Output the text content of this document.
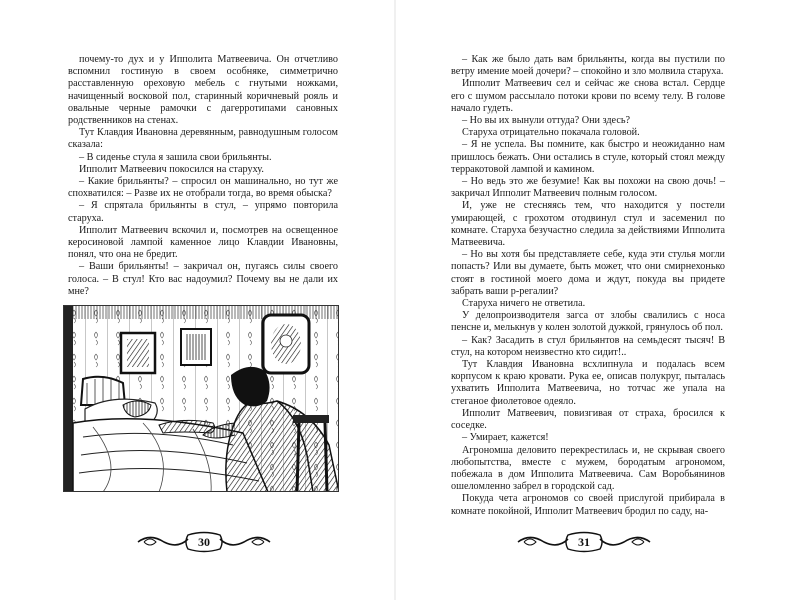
почему-то дух и у Ипполита Матвеевича. Он отчетливо вспомнил гостиную в своем особняке, симметрично расставленную ореховую мебель с гнутыми ножками, начищенный восковой пол, старинный коричневый рояль и овальные черные рамочки с дагерротипами сановных родственников на стенах.

Тут Клавдия Ивановна деревянным, равнодушным голосом сказала:

– В сиденье стула я зашила свои брильянты.

Ипполит Матвеевич покосился на старуху.

– Какие брильянты? – спросил он машинально, но тут же спохватился: – Разве их не отобрали тогда, во время обыска?

– Я спрятала брильянты в стул, – упрямо повторила старуха.

Ипполит Матвеевич вскочил и, посмотрев на освещенное керосиновой лампой каменное лицо Клавдии Ивановны, понял, что она не бредит.

– Ваши брильянты! – закричал он, пугаясь силы своего голоса. – В стул! Кто вас надоумил? Почему вы не дали их мне?

30

– Как же было дать вам брильянты, когда вы пустили по ветру имение моей дочери? – спокойно и зло молвила старуха.

Ипполит Матвеевич сел и сейчас же снова встал. Сердце его с шумом рассылало потоки крови по всему телу. В голове начало гудеть.

– Но вы их вынули оттуда? Они здесь?

Старуха отрицательно покачала головой.

– Я не успела. Вы помните, как быстро и неожиданно нам пришлось бежать. Они остались в стуле, который стоял между терракотовой лампой и камином.

– Но ведь это же безумие! Как вы похожи на свою дочь! – закричал Ипполит Матвеевич полным голосом.

И, уже не стесняясь тем, что находится у постели умирающей, с грохотом отодвинул стул и засеменил по комнате. Старуха безучастно следила за действиями Ипполита Матвеевича.

– Но вы хотя бы представляете себе, куда эти стулья могли попасть? Или вы думаете, быть может, что они смирнехонько стоят в гостиной моего дома и ждут, покуда вы придете забрать ваши р-регалии?

Старуха ничего не ответила.

У делопроизводителя загса от злобы свалились с носа пенсне и, мелькнув у колен золотой дужкой, грянулось об пол.

– Как? Засадить в стул брильянтов на семьдесят тысяч! В стул, на котором неизвестно кто сидит!..

Тут Клавдия Ивановна всхлипнула и подалась всем корпусом к краю кровати. Рука ее, описав полукруг, пыталась ухватить Ипполита Матвеевича, но тотчас же упала на стеганое фиолетовое одеяло.

Ипполит Матвеевич, повизгивая от страха, бросился к соседке.

– Умирает, кажется!

Агрономша деловито перекрестилась и, не скрывая своего любопытства, вместе с мужем, бородатым агрономом, побежала в дом Ипполита Матвеевича. Сам Воробьянинов ошеломленно забрел в городской сад.

Покуда чета агрономов со своей прислугой прибирала в комнате покойной, Ипполит Матвеевич бродил по саду, на-

31
